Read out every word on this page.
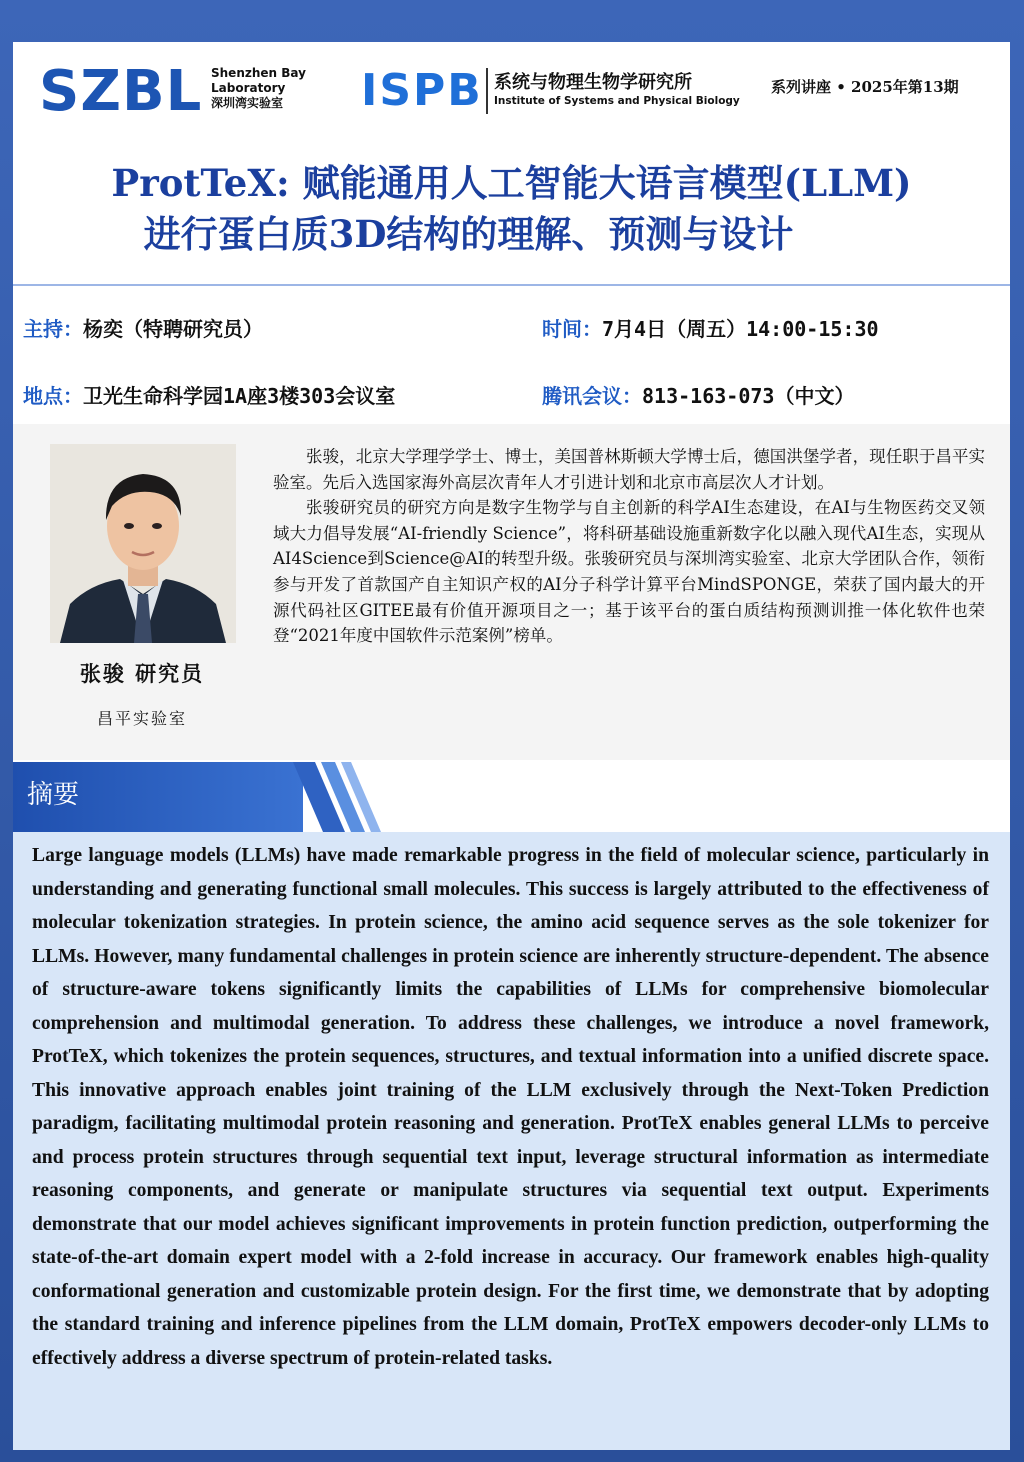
SZBL Shenzhen Bay
Laboratory
深圳湾实验室	ISPB 系统与物理生物学研究所
Institute of Systems and Physical Biology
系列讲座 • 2025年第13期
ProtTeX: 赋能通用人工智能大语言模型(LLM)
进行蛋白质3D结构的理解、预测与设计
主持：杨奕（特聘研究员）	时间：7月4日（周五）14:00-15:30
地点：卫光生命科学园1A座3楼303会议室	腾讯会议：813-163-073（中文）
张骏 研究员
昌平实验室

张骏，北京大学理学学士、博士，美国普林斯顿大学博士后，德国洪堡学者，现任职于昌平实验室。先后入选国家海外高层次青年人才引进计划和北京市高层次人才计划。

张骏研究员的研究方向是数字生物学与自主创新的科学AI生态建设，在AI与生物医药交叉领域大力倡导发展“AI-friendly Science”，将科研基础设施重新数字化以融入现代AI生态，实现从AI4Science到Science@AI的转型升级。张骏研究员与深圳湾实验室、北京大学团队合作，领衔参与开发了首款国产自主知识产权的AI分子科学计算平台MindSPONGE，荣获了国内最大的开源代码社区GITEE最有价值开源项目之一；基于该平台的蛋白质结构预测训推一体化软件也荣登“2021年度中国软件示范案例”榜单。

摘要
Large language models (LLMs) have made remarkable progress in the field of molecular science, particularly in understanding and generating functional small molecules. This success is largely attributed to the effectiveness of molecular tokenization strategies. In protein science, the amino acid sequence serves as the sole tokenizer for LLMs. However, many fundamental challenges in protein science are inherently structure-dependent. The absence of structure-aware tokens significantly limits the capabilities of LLMs for comprehensive biomolecular comprehension and multimodal generation. To address these challenges, we introduce a novel framework, ProtTeX, which tokenizes the protein sequences, structures, and textual information into a unified discrete space. This innovative approach enables joint training of the LLM exclusively through the Next-Token Prediction paradigm, facilitating multimodal protein reasoning and generation. ProtTeX enables general LLMs to perceive and process protein structures through sequential text input, leverage structural information as intermediate reasoning components, and generate or manipulate structures via sequential text output. Experiments demonstrate that our model achieves significant improvements in protein function prediction, outperforming the state-of-the-art domain expert model with a 2-fold increase in accuracy. Our framework enables high-quality conformational generation and customizable protein design. For the first time, we demonstrate that by adopting the standard training and inference pipelines from the LLM domain, ProtTeX empowers decoder-only LLMs to effectively address a diverse spectrum of protein-related tasks.
